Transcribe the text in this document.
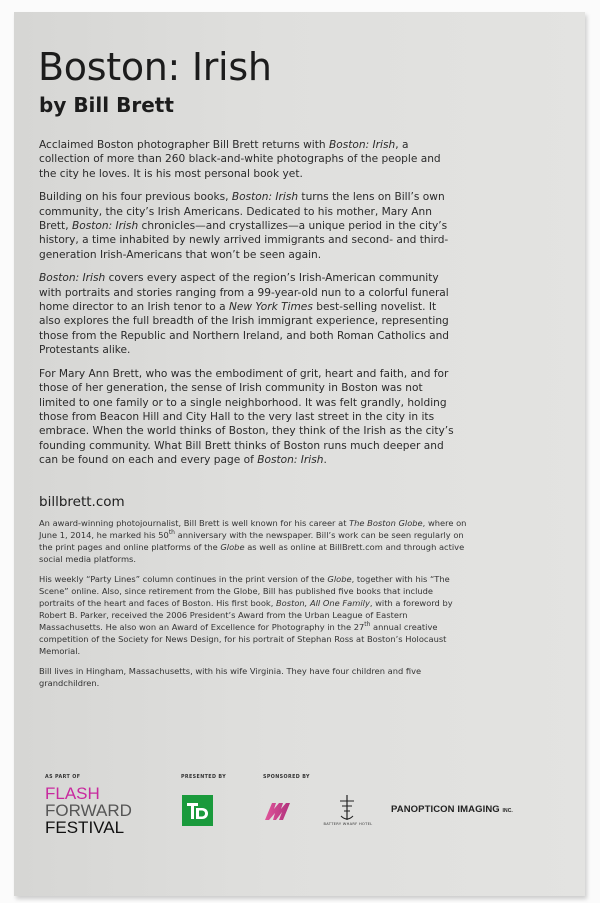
Boston: Irish
by Bill Brett

Acclaimed Boston photographer Bill Brett returns with Boston: Irish, a collection of more than 260 black-and-white photographs of the people and the city he loves. It is his most personal book yet.

Building on his four previous books, Boston: Irish turns the lens on Bill’s own community, the city’s Irish Americans. Dedicated to his mother, Mary Ann Brett, Boston: Irish chronicles—and crystallizes—a unique period in the city’s history, a time inhabited by newly arrived immigrants and second- and third-generation Irish-Americans that won’t be seen again.

Boston: Irish covers every aspect of the region’s Irish-American community with portraits and stories ranging from a 99-year-old nun to a colorful funeral home director to an Irish tenor to a New York Times best-selling novelist. It also explores the full breadth of the Irish immigrant experience, representing those from the Republic and Northern Ireland, and both Roman Catholics and Protestants alike.

For Mary Ann Brett, who was the embodiment of grit, heart and faith, and for those of her generation, the sense of Irish community in Boston was not limited to one family or to a single neighborhood. It was felt grandly, holding those from Beacon Hill and City Hall to the very last street in the city in its embrace. When the world thinks of Boston, they think of the Irish as the city’s founding community. What Bill Brett thinks of Boston runs much deeper and can be found on each and every page of Boston: Irish.

billbrett.com

An award-winning photojournalist, Bill Brett is well known for his career at The Boston Globe, where on June 1, 2014, he marked his 50th anniversary with the newspaper. Bill’s work can be seen regularly on the print pages and online platforms of the Globe as well as online at BillBrett.com and through active social media platforms.

His weekly “Party Lines” column continues in the print version of the Globe, together with his “The Scene” online. Also, since retirement from the Globe, Bill has published five books that include portraits of the heart and faces of Boston. His first book, Boston, All One Family, with a foreword by Robert B. Parker, received the 2006 President’s Award from the Urban League of Eastern Massachusetts. He also won an Award of Excellence for Photography in the 27th annual creative competition of the Society for News Design, for his portrait of Stephan Ross at Boston’s Holocaust Memorial.

Bill lives in Hingham, Massachusetts, with his wife Virginia. They have four children and five grandchildren.

AS PART OF	PRESENTED BY	SPONSORED BY
FLASH
FORWARD
FESTIVAL	BATTERY WHARF HOTEL
PANOPTICON IMAGING INC.
